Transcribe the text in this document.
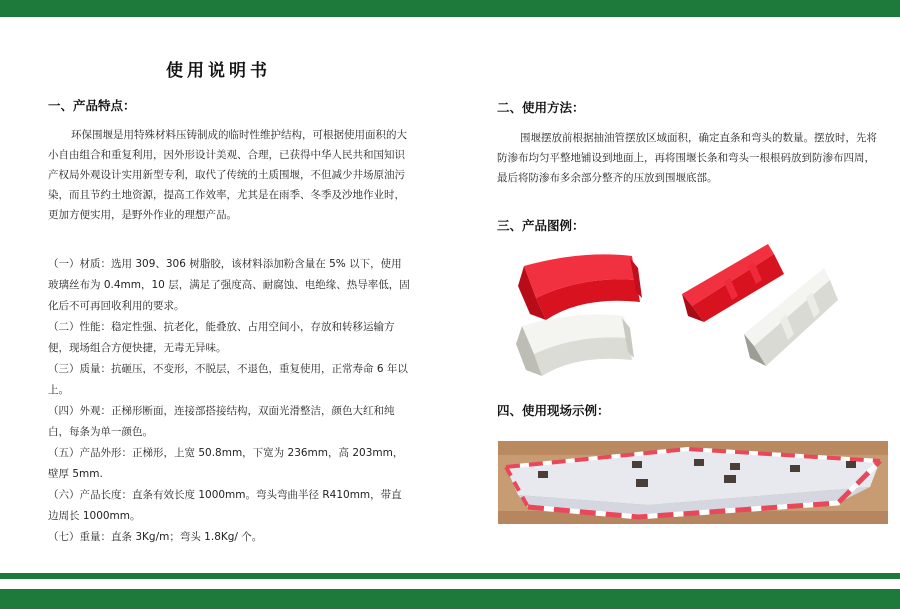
使用说明书
一、产品特点：
环保围堰是用特殊材料压铸制成的临时性维护结构，可根据使用面积的大小自由组合和重复利用，因外形设计美观、合理，已获得中华人民共和国知识产权局外观设计实用新型专利，取代了传统的土质围堰，不但减少井场原油污染，而且节约土地资源，提高工作效率，尤其是在雨季、冬季及沙地作业时，更加方便实用，是野外作业的理想产品。
（一）材质：选用 309、306 树脂胶，该材料添加粉含量在 5% 以下，使用玻璃丝布为 0.4mm，10 层，满足了强度高、耐腐蚀、电绝缘、热导率低，固化后不可再回收利用的要求。
（二）性能：稳定性强、抗老化，能叠放、占用空间小，存放和转移运输方便，现场组合方便快捷，无毒无异味。
（三）质量：抗砸压，不变形，不脱层，不退色，重复使用，正常寿命 6 年以上。
（四）外观：正梯形断面，连接部搭接结构，双面光滑整洁，颜色大红和纯白，每条为单一颜色。
（五）产品外形：正梯形，上宽 50.8mm，下宽为 236mm，高 203mm，壁厚 5mm.
（六）产品长度：直条有效长度 1000mm。弯头弯曲半径 R410mm，带直边周长 1000mm。
（七）重量：直条 3Kg/m；弯头 1.8Kg/ 个。
二、使用方法：
围堰摆放前根据抽油管摆放区域面积，确定直条和弯头的数量。摆放时，先将防渗布均匀平整地铺设到地面上，再将围堰长条和弯头一根根码放到防渗布四周，最后将防渗布多余部分整齐的压放到围堰底部。
三、产品图例：
四、使用现场示例：
